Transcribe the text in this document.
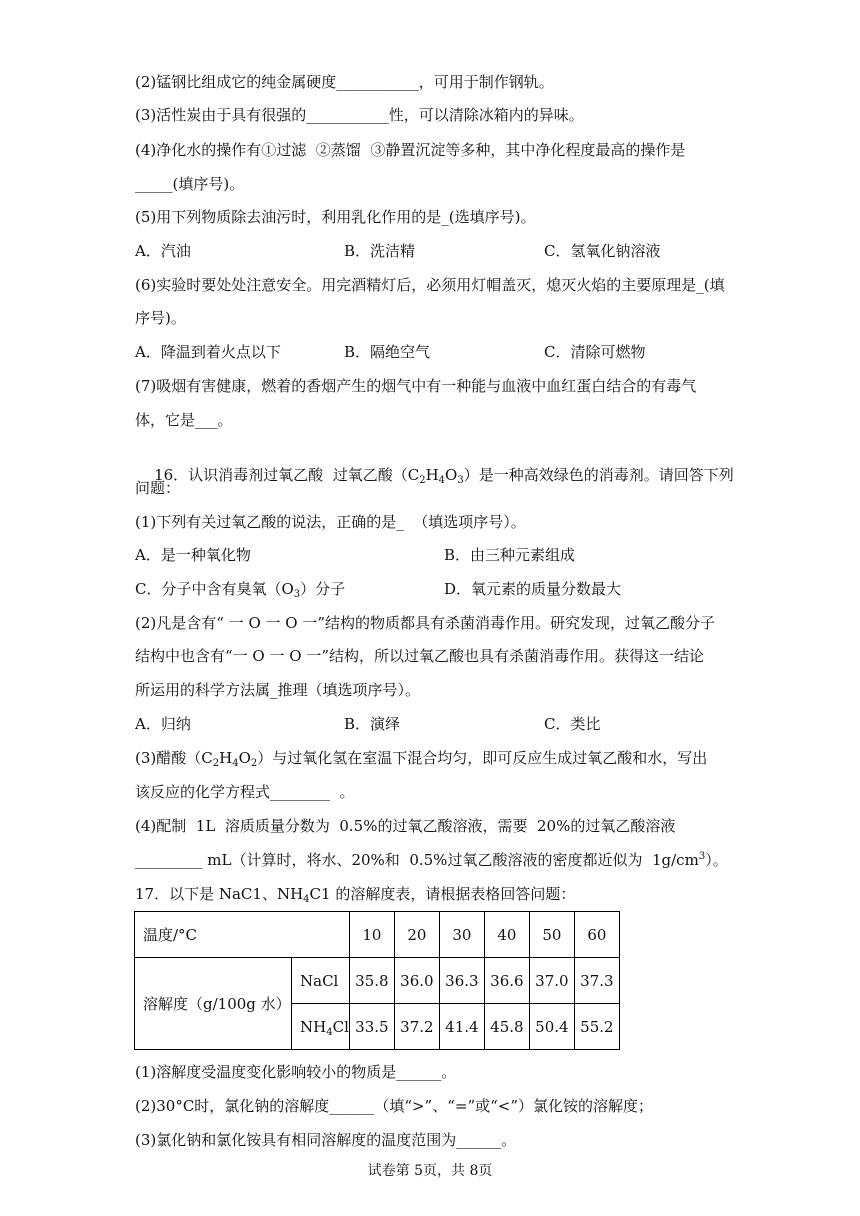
(2)锰钢比组成它的纯金属硬度___________，可用于制作钢轨。
(3)活性炭由于具有很强的___________性，可以清除冰箱内的异味。
(4)净化水的操作有①过滤  ②蒸馏  ③静置沉淀等多种，其中净化程度最高的操作是
_____(填序号)。
(5)用下列物质除去油污时，利用乳化作用的是_(选填序号)。
A．汽油	B．洗洁精	C．氢氧化钠溶液
(6)实验时要处处注意安全。用完酒精灯后，必须用灯帽盖灭，熄灭火焰的主要原理是_(填
序号)。
A．降温到着火点以下	B．隔绝空气	C．清除可燃物
(7)吸烟有害健康，燃着的香烟产生的烟气中有一种能与血液中血红蛋白结合的有毒气
体，它是___。

16．认识消毒剂过氧乙酸  过氧乙酸$(C_2H_4O_3)$是一种高效绿色的消毒剂。请回答下列

问题：
(1)下列有关过氧乙酸的说法，正确的是_  （填选项序号）。
A．是一种氧化物	B．由三种元素组成
C．分子中含有臭氧$(O_3)$分子	D．氧元素的质量分数最大
(2)凡是含有“ 一 O 一 O 一”结构的物质都具有杀菌消毒作用。研究发现，过氧乙酸分子
结构中也含有“一 O 一 O 一”结构，所以过氧乙酸也具有杀菌消毒作用。获得这一结论
所运用的科学方法属_推理（填选项序号）。
A．归纳	B．演绎	C．类比
(3)醋酸$(C_2H_4O_2)$与过氧化氢在室温下混合均匀，即可反应生成过氧乙酸和水，写出
该反应的化学方程式________  。
(4)配制  1L  溶质质量分数为  0.5%的过氧乙酸溶液，需要  20%的过氧乙酸溶液
_________ mL（计算时，将水、20%和  0.5%过氧乙酸溶液的密度都近似为  $1g/cm^3$）。
17．以下是 NaC1、$NH_4C1$ 的溶解度表，请根据表格回答问题：
温度/°C		10	20	30	40	50	60
溶解度（g/100g 水）	NaCl	35.8	36.0	36.3	36.6	37.0	37.3
	$NH_4Cl$	33.5	37.2	41.4	45.8	50.4	55.2
(1)溶解度受温度变化影响较小的物质是______。
(2)30°C时，氯化钠的溶解度______（填“>”、“=”或“<”）氯化铵的溶解度；
(3)氯化钠和氯化铵具有相同溶解度的温度范围为______。
试卷第 5页，共 8页
